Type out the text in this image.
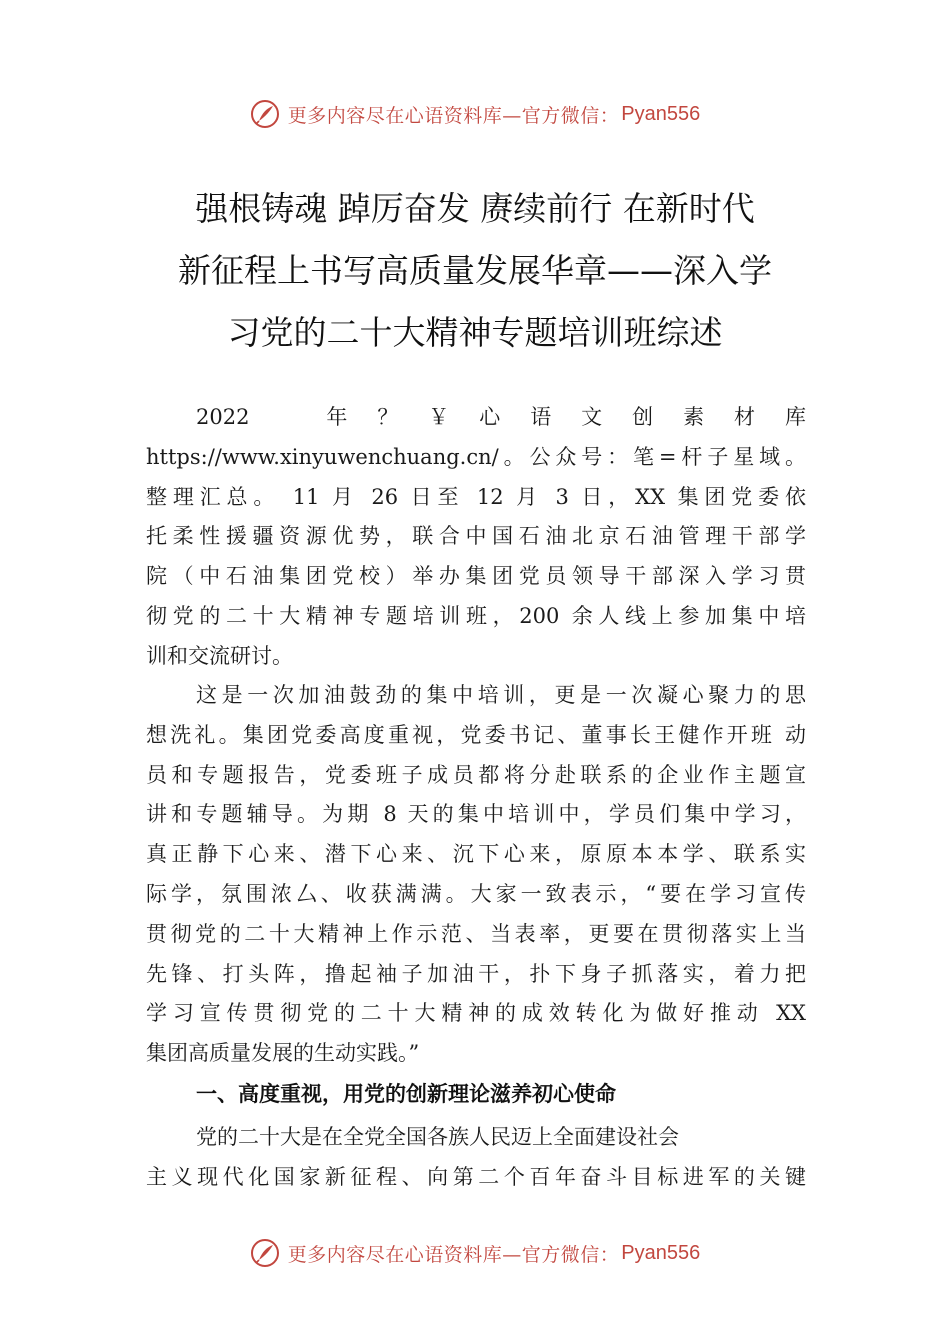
更多内容尽在心语资料库—官方微信： Pyan556
强根铸魂 踔厉奋发 赓续前行 在新时代
新征程上书写高质量发展华章——深入学
习党的二十大精神专题培训班综述
2022　　年 ？ ￥ 心 语 文 创 素 材 库
https://www.xinyuwenchuang.cn/。公众号：笔=杆子星域。
整理汇总。 11 月 26 日至 12 月 3 日，XX 集团党委依
托柔性援疆资源优势，联合中国石油北京石油管理干部学
院（中石油集团党校）举办集团党员领导干部深入学习贯
彻党的二十大精神专题培训班，200 余人线上参加集中培
训和交流研讨。
这是一次加油鼓劲的集中培训，更是一次凝心聚力的思
想洗礼。集团党委高度重视，党委书记、董事长王健作开班 动
员和专题报告，党委班子成员都将分赴联系的企业作主题宣
讲和专题辅导。为期 8 天的集中培训中，学员们集中学习，
真正静下心来、潜下心来、沉下心来，原原本本学、联系实
际学，氛围浓厶、收获满满。大家一致表示，“要在学习宣传
贯彻党的二十大精神上作示范、当表率，更要在贯彻落实上当
先锋、打头阵，撸起袖子加油干，扑下身子抓落实，着力把
学习宣传贯彻党的二十大精神的成效转化为做好推动 XX
集团高质量发展的生动实践。”
一、高度重视，用党的创新理论滋养初心使命
党的二十大是在全党全国各族人民迈上全面建设社会
主义现代化国家新征程、向第二个百年奋斗目标进军的关键
更多内容尽在心语资料库—官方微信： Pyan556
